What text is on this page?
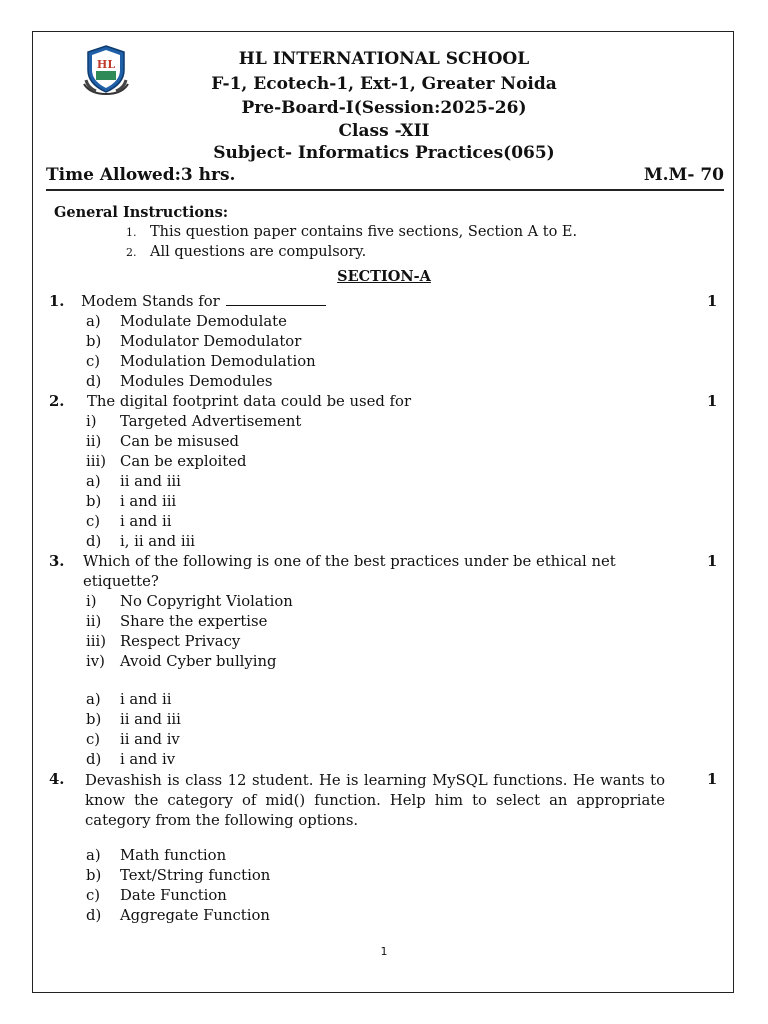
HL	HL INTERNATIONAL SCHOOL
F-1, Ecotech-1, Ext-1, Greater Noida
Pre-Board-I(Session:2025-26)
Class -XII
Subject- Informatics Practices(065)
Time Allowed:3 hrs.	M.M- 70
General Instructions:
1. This question paper contains five sections, Section A to E.
2. All questions are compulsory.
SECTION-A
1. Modem Stands for	1
a) Modulate Demodulate
b) Modulator Demodulator
c) Modulation Demodulation
d) Modules Demodules
2. The digital footprint data could be used for	1
i) Targeted Advertisement
ii) Can be misused
iii) Can be exploited
a) ii and iii
b) i and iii
c) i and ii
d) i, ii and iii
3. Which of the following is one of the best practices under be ethical net
etiquette?
1
i) No Copyright Violation
ii) Share the expertise
iii) Respect Privacy
iv) Avoid Cyber bullying
a) i and ii
b) ii and iii
c) ii and iv
d) i and iv
4. Devashish is class 12 student. He is learning MySQL functions. He wants to
know the category of mid() function. Help him to select an appropriate
category from the following options.
1
a) Math function
b) Text/String function
c) Date Function
d) Aggregate Function
1
